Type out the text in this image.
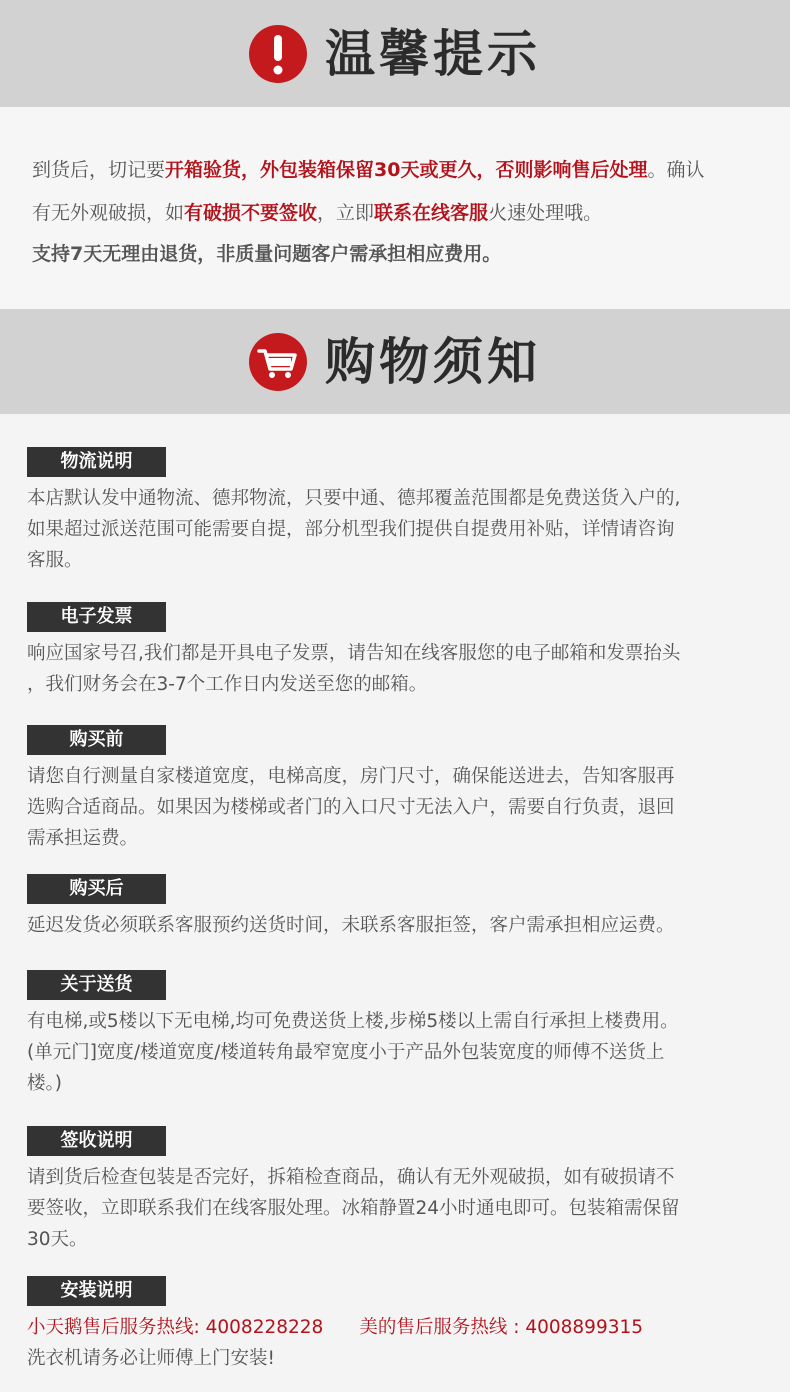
温馨提示

到货后，切记要开箱验货，外包装箱保留30天或更久，否则影响售后处理。确认

有无外观破损，如有破损不要签收，立即联系在线客服火速处理哦。

支持7天无理由退货，非质量问题客户需承担相应费用。

购物须知
物流说明
本店默认发中通物流、德邦物流，只要中通、德邦覆盖范围都是免费送货入户的,
如果超过派送范围可能需要自提，部分机型我们提供自提费用补贴，详情请咨询
客服。
电子发票
响应国家号召,我们都是开具电子发票，请告知在线客服您的电子邮箱和发票抬头
，我们财务会在3-7个工作日内发送至您的邮箱。
购买前
请您自行测量自家楼道宽度，电梯高度，房门尺寸，确保能送进去，告知客服再
选购合适商品。如果因为楼梯或者门的入口尺寸无法入户，需要自行负责，退回
需承担运费。
购买后
延迟发货必须联系客服预约送货时间，未联系客服拒签，客户需承担相应运费。
关于送货
有电梯,或5楼以下无电梯,均可免费送货上楼,步梯5楼以上需自行承担上楼费用。
(单元门]宽度/楼道宽度/楼道转角最窄宽度小于产品外包装宽度的师傅不送货上
楼。)
签收说明
请到货后检查包装是否完好，拆箱检查商品，确认有无外观破损，如有破损请不
要签收，立即联系我们在线客服处理。冰箱静置24小时通电即可。包装箱需保留
30天。
安装说明
小天鹅售后服务热线: 4008228228 美的售后服务热线 : 4008899315
洗衣机请务必让师傅上门安装!
